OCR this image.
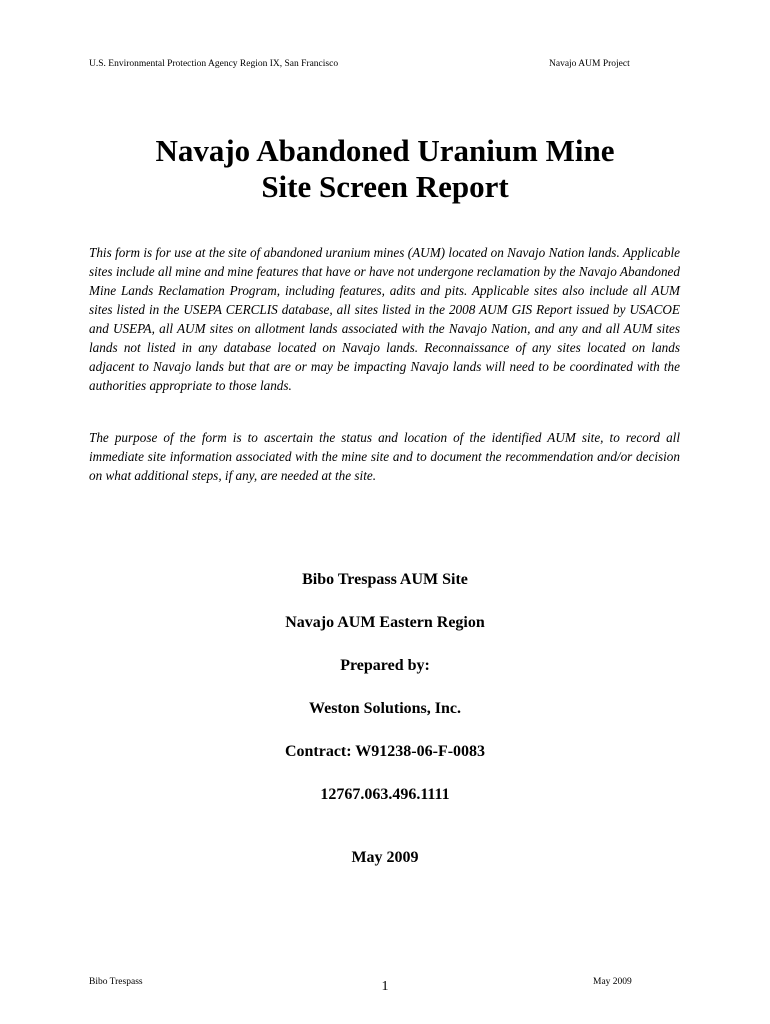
U.S. Environmental Protection Agency Region IX, San Francisco	Navajo AUM Project
Navajo Abandoned Uranium Mine
Site Screen Report

This form is for use at the site of abandoned uranium mines (AUM) located on Navajo Nation lands. Applicable sites include all mine and mine features that have or have not undergone reclamation by the Navajo Abandoned Mine Lands Reclamation Program, including features, adits and pits. Applicable sites also include all AUM sites listed in the USEPA CERCLIS database, all sites listed in the 2008 AUM GIS Report issued by USACOE and USEPA, all AUM sites on allotment lands associated with the Navajo Nation, and any and all AUM sites lands not listed in any database located on Navajo lands. Reconnaissance of any sites located on lands adjacent to Navajo lands but that are or may be impacting Navajo lands will need to be coordinated with the authorities appropriate to those lands.

The purpose of the form is to ascertain the status and location of the identified AUM site, to record all immediate site information associated with the mine site and to document the recommendation and/or decision on what additional steps, if any, are needed at the site.

Bibo Trespass AUM Site
Navajo AUM Eastern Region
Prepared by:
Weston Solutions, Inc.
Contract: W91238-06-F-0083
12767.063.496.1111
May 2009
Bibo Trespass	1	May 2009
